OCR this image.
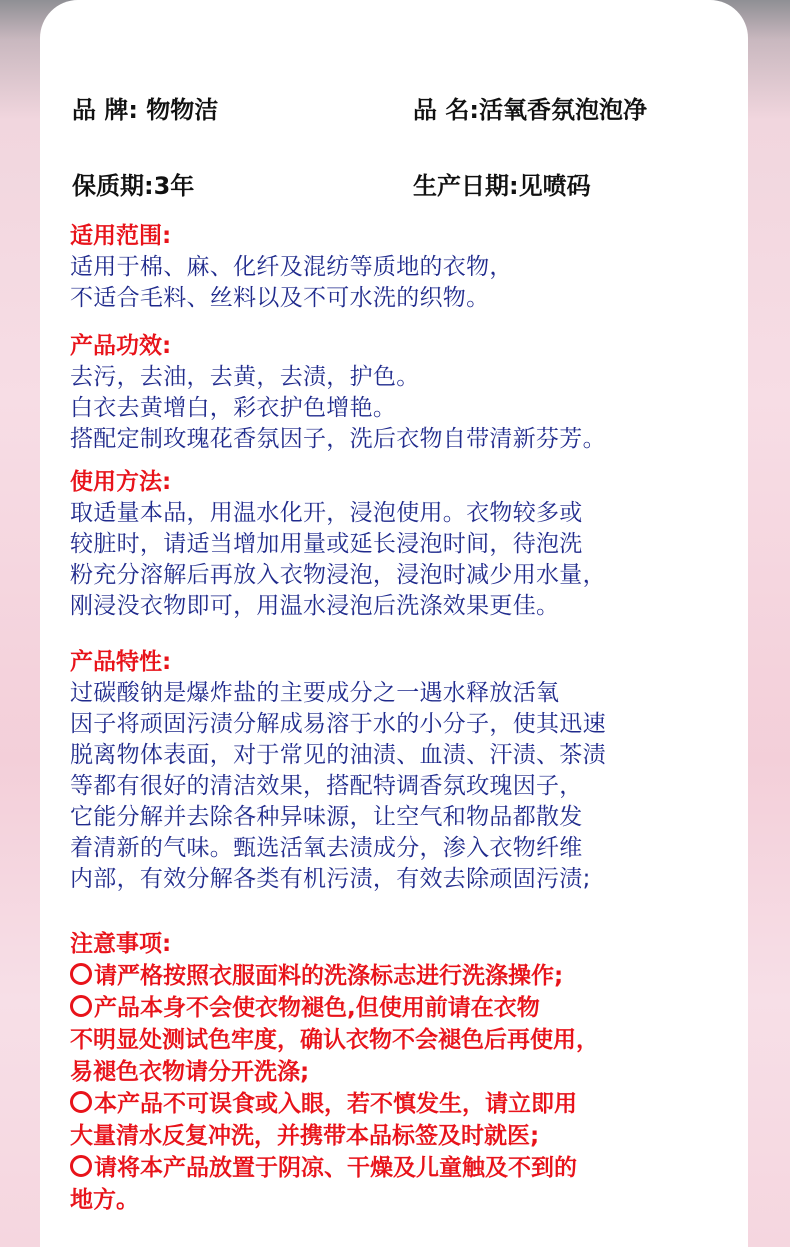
品 牌: 物物洁	品 名:活氧香氛泡泡净
保质期:3年	生产日期:见喷码
适用范围:
适用于棉、麻、化纤及混纺等质地的衣物，
不适合毛料、丝料以及不可水洗的织物。
产品功效:
去污，去油，去黄，去渍，护色。
白衣去黄增白，彩衣护色增艳。
搭配定制玫瑰花香氛因子，洗后衣物自带清新芬芳。
使用方法:
取适量本品，用温水化开，浸泡使用。衣物较多或
较脏时，请适当增加用量或延长浸泡时间，待泡洗
粉充分溶解后再放入衣物浸泡，浸泡时减少用水量，
刚浸没衣物即可，用温水浸泡后洗涤效果更佳。
产品特性:
过碳酸钠是爆炸盐的主要成分之一遇水释放活氧
因子将顽固污渍分解成易溶于水的小分子，使其迅速
脱离物体表面，对于常见的油渍、血渍、汗渍、茶渍
等都有很好的清洁效果，搭配特调香氛玫瑰因子，
它能分解并去除各种异味源，让空气和物品都散发
着清新的气味。甄选活氧去渍成分，渗入衣物纤维
内部，有效分解各类有机污渍，有效去除顽固污渍;
注意事项:
请严格按照衣服面料的洗涤标志进行洗涤操作;
产品本身不会使衣物褪色,但使用前请在衣物
不明显处测试色牢度，确认衣物不会褪色后再使用，
易褪色衣物请分开洗涤;
本产品不可误食或入眼，若不慎发生，请立即用
大量清水反复冲洗，并携带本品标签及时就医;
请将本产品放置于阴凉、干燥及儿童触及不到的
地方。
